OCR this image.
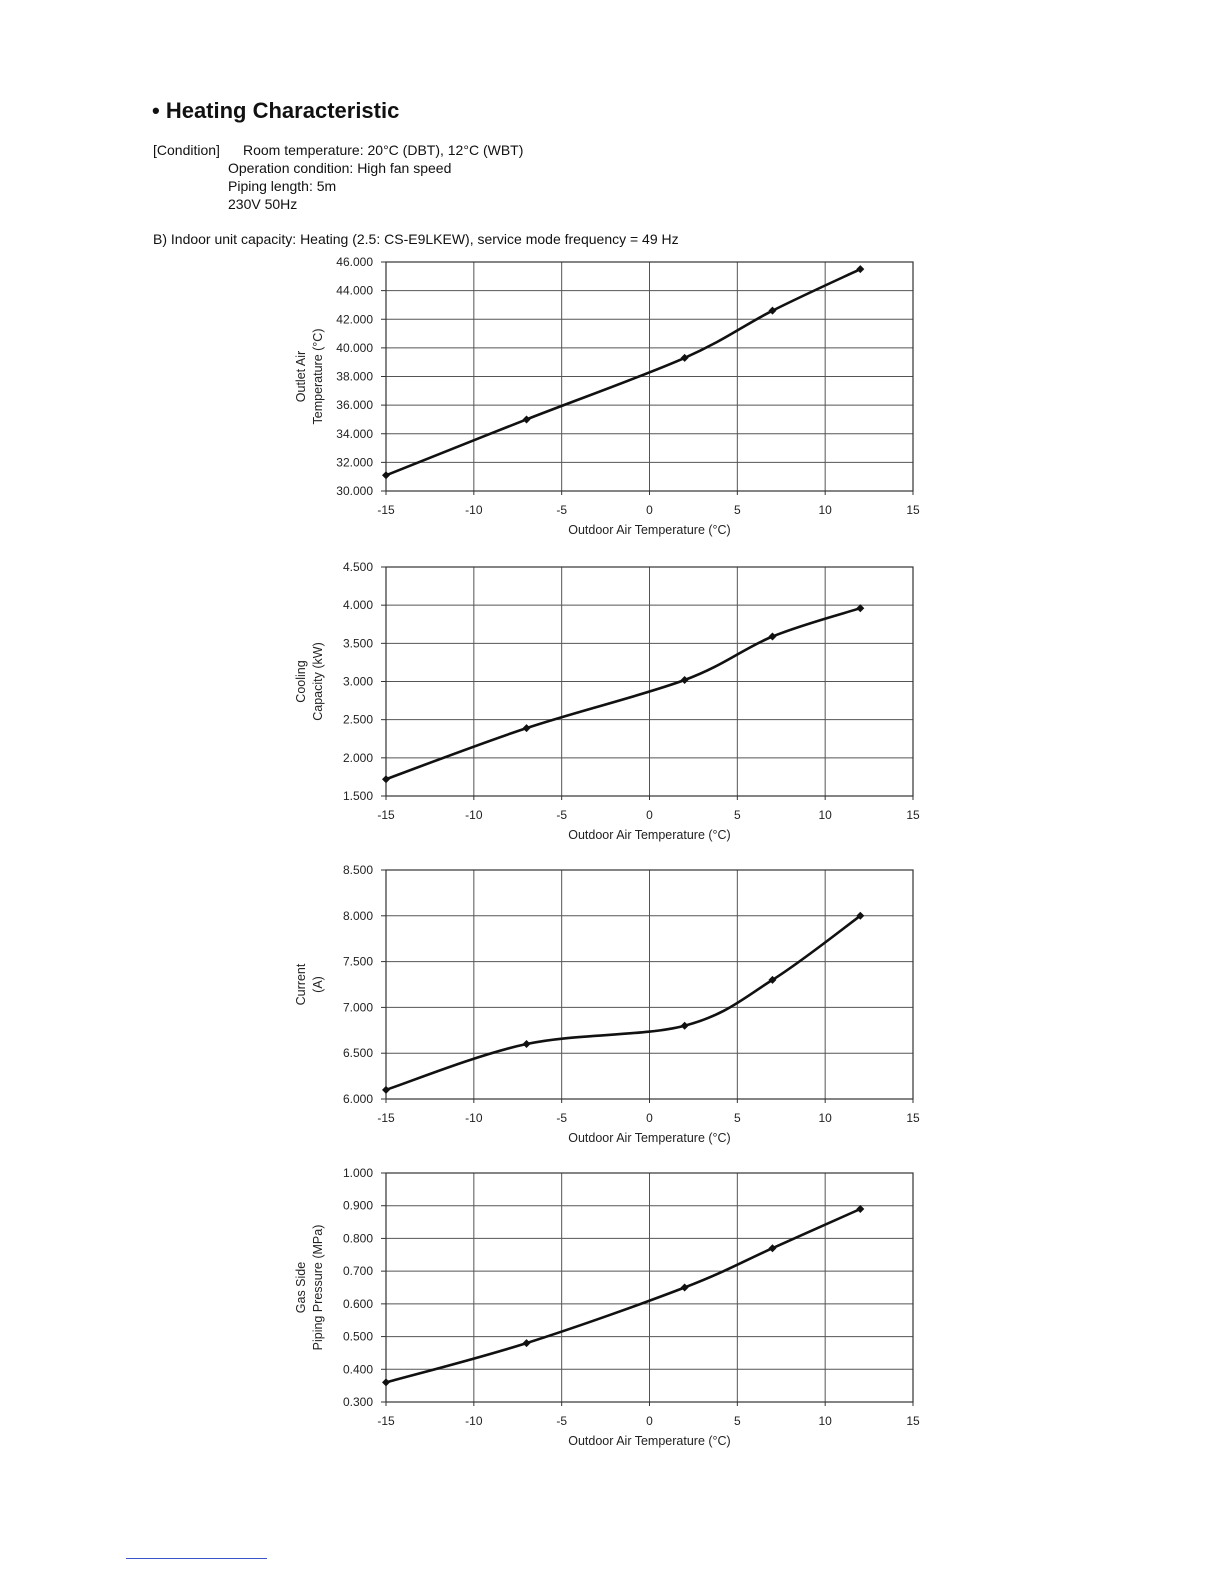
• Heating Characteristic
[Condition] Room temperature: 20°C (DBT), 12°C (WBT)
Operation condition: High fan speed
Piping length: 5m
230V 50Hz
B) Indoor unit capacity: Heating (2.5: CS-E9LKEW), service mode frequency = 49 Hz
30.000
32.000
34.000
36.000
38.000
40.000
42.000
44.000
46.000
-15	-10	-5	0	5	10	15
Outdoor Air Temperature (°C)
Outlet Air Temperature (°C)
1.500
2.000
2.500
3.000
3.500
4.000
4.500
-15	-10	-5	0	5	10	15
Outdoor Air Temperature (°C)
Cooling Capacity (kW)
6.000
6.500
7.000
7.500
8.000
8.500
-15	-10	-5	0	5	10	15
Outdoor Air Temperature (°C)
Current (A)
0.300
0.400
0.500
0.600
0.700
0.800
0.900
1.000
-15	-10	-5	0	5	10	15
Outdoor Air Temperature (°C)
Gas Side Piping Pressure (MPa)
